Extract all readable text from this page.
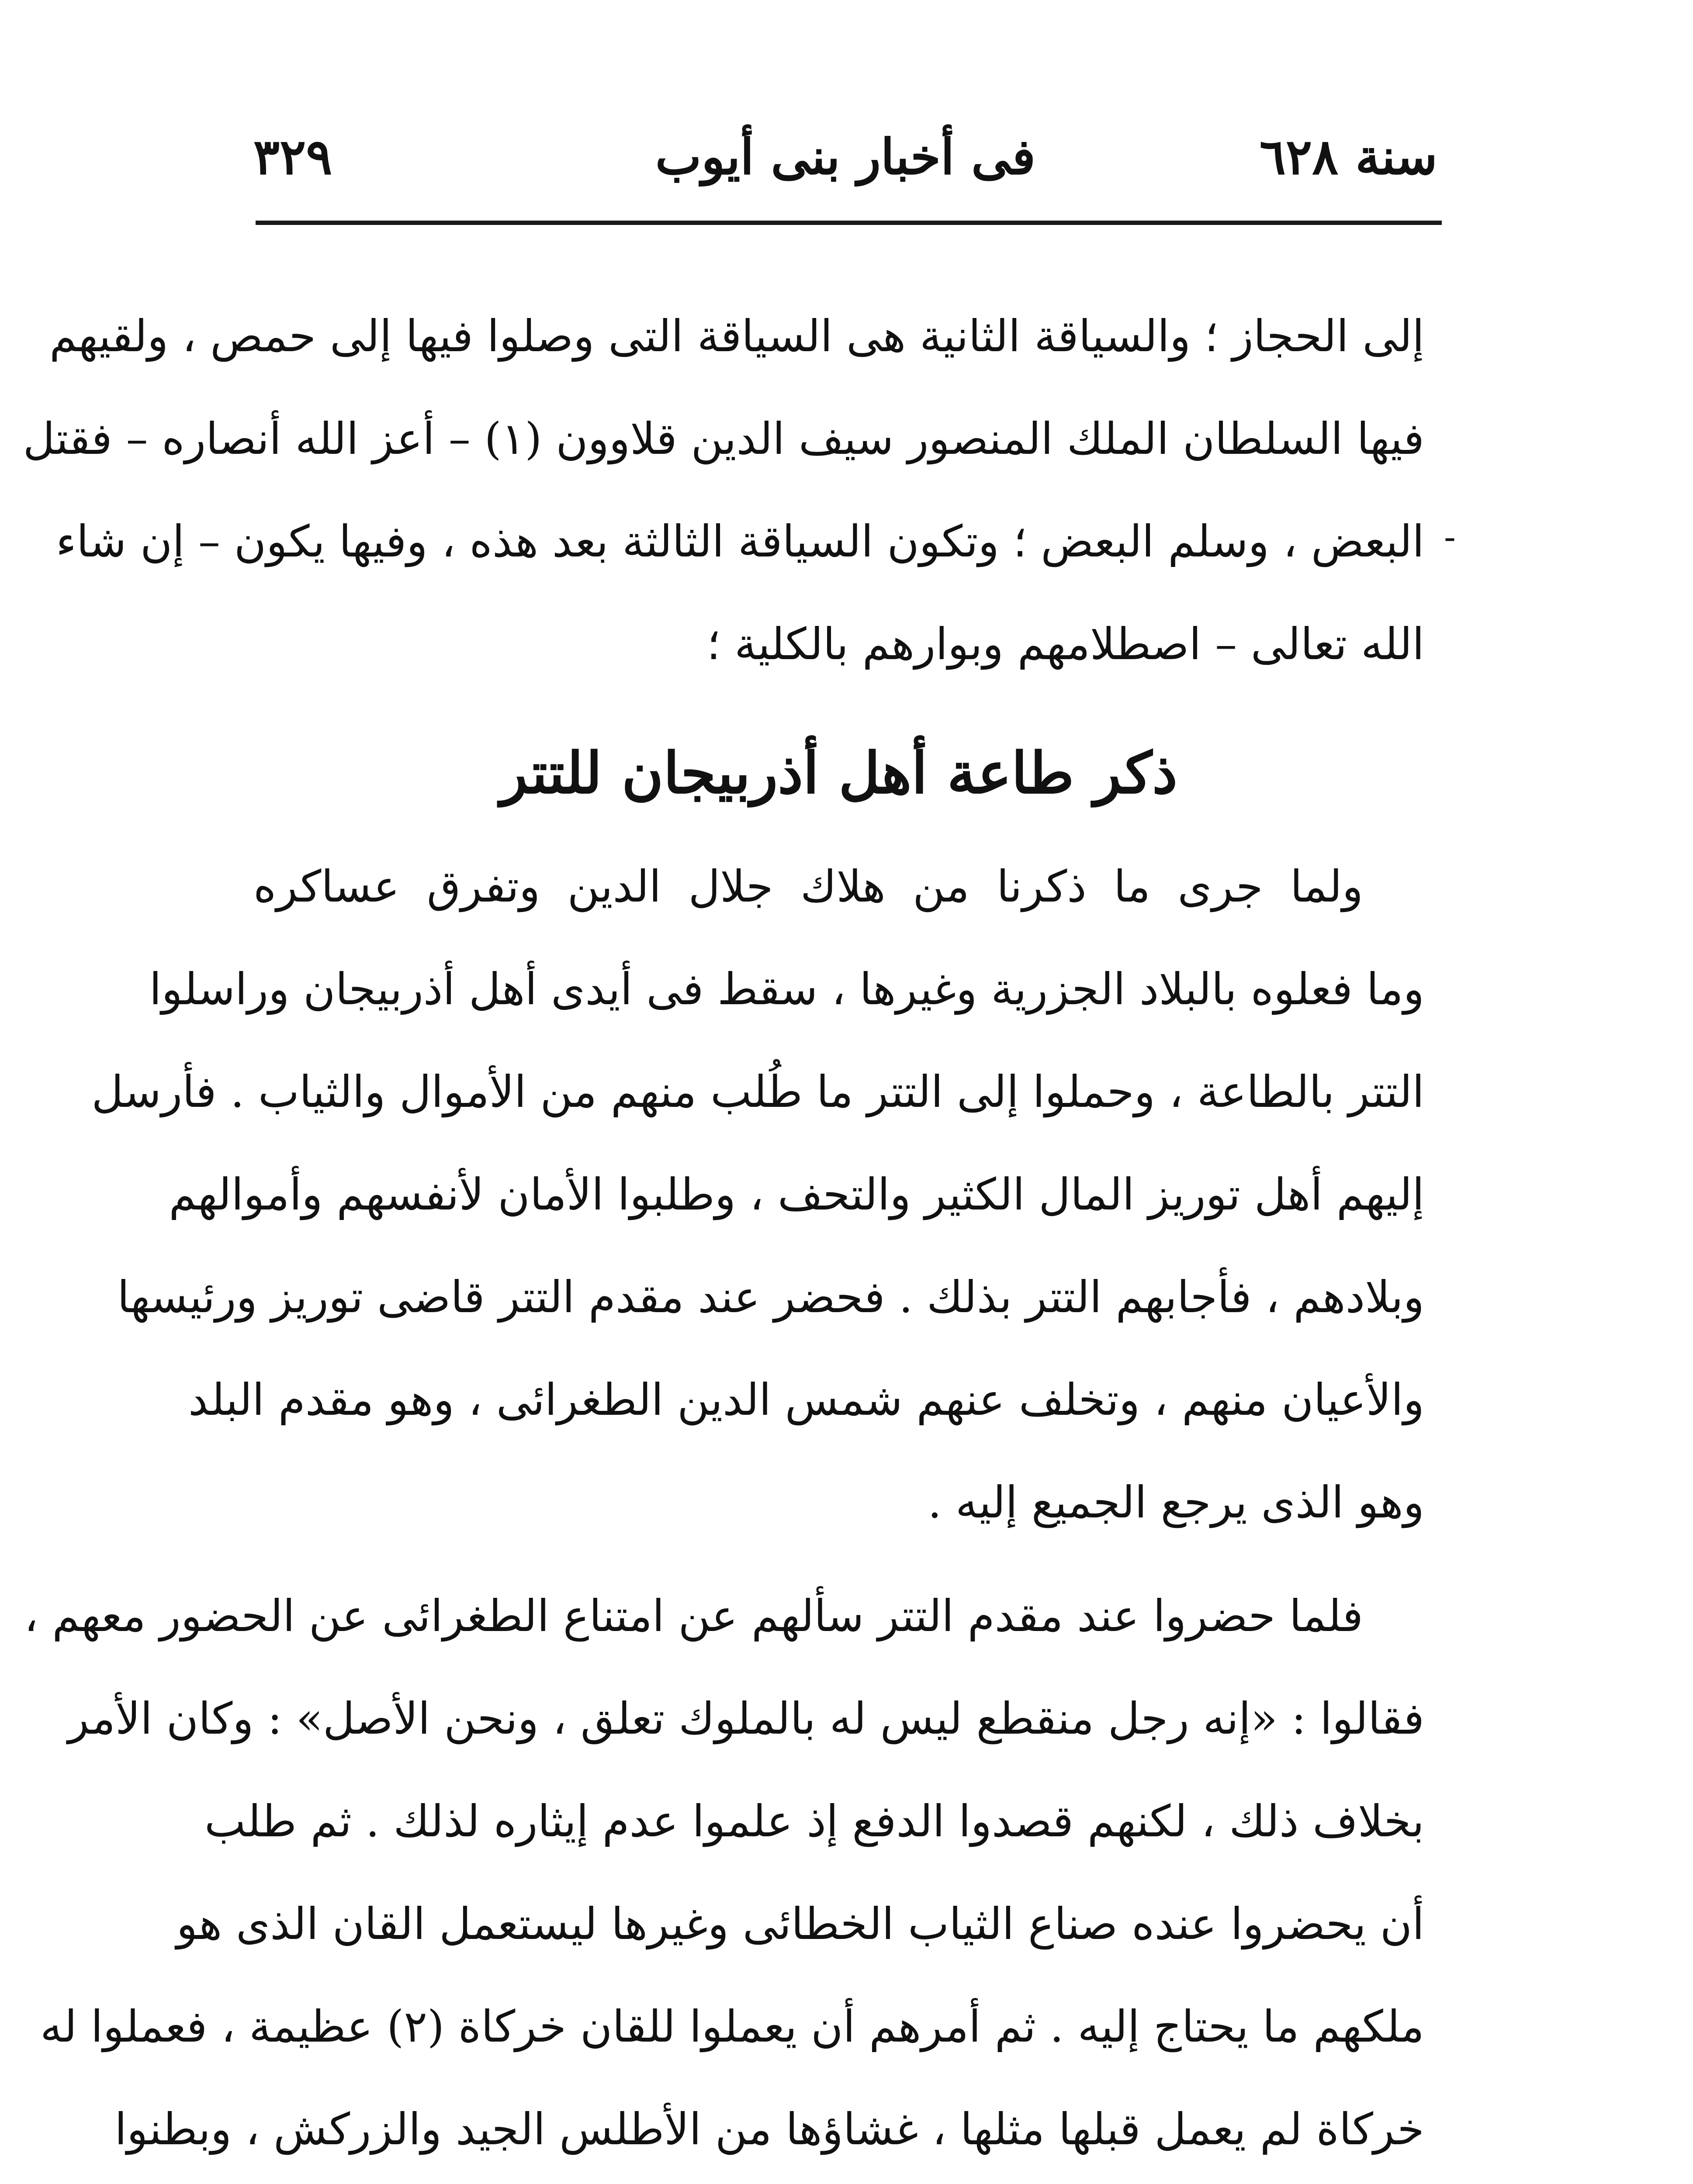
سنة ٦٢٨
فى أخبار بنى أيوب
٣٢٩
إلى الحجاز ؛ والسياقة الثانية هى السياقة التى وصلوا فيها إلى حمص ، ولقيهم
فيها السلطان الملك المنصور سيف الدين قلاوون (١) – أعز الله أنصاره – فقتل
البعض ، وسلم البعض ؛ وتكون السياقة الثالثة بعد هذه ، وفيها يكون – إن شاء
الله تعالى – اصطلامهم وبوارهم بالكلية ؛
-
ذكر طاعة أهل أذربيجان للتتر
ولما جرى ما ذكرنا من هلاك جلال الدين وتفرق عساكره
وما فعلوه بالبلاد الجزرية وغيرها ، سقط فى أيدى أهل أذربيجان وراسلوا
التتر بالطاعة ، وحملوا إلى التتر ما طُلب منهم من الأموال والثياب . فأرسل
إليهم أهل توريز المال الكثير والتحف ، وطلبوا الأمان لأنفسهم وأموالهم
وبلادهم ، فأجابهم التتر بذلك . فحضر عند مقدم التتر قاضى توريز ورئيسها
والأعيان منهم ، وتخلف عنهم شمس الدين الطغرائى ، وهو مقدم البلد
وهو الذى يرجع الجميع إليه .
فلما حضروا عند مقدم التتر سألهم عن امتناع الطغرائى عن الحضور معهم ،
فقالوا : «إنه رجل منقطع ليس له بالملوك تعلق ، ونحن الأصل» : وكان الأمر
بخلاف ذلك ، لكنهم قصدوا الدفع إذ علموا عدم إيثاره لذلك . ثم طلب
أن يحضروا عنده صناع الثياب الخطائى وغيرها ليستعمل القان الذى هو
ملكهم ما يحتاج إليه . ثم أمرهم أن يعملوا للقان خركاة (٢) عظيمة ، فعملوا له
خركاة لم يعمل قبلها مثلها ، غشاؤها من الأطلس الجيد والزركش ، وبطنوا
